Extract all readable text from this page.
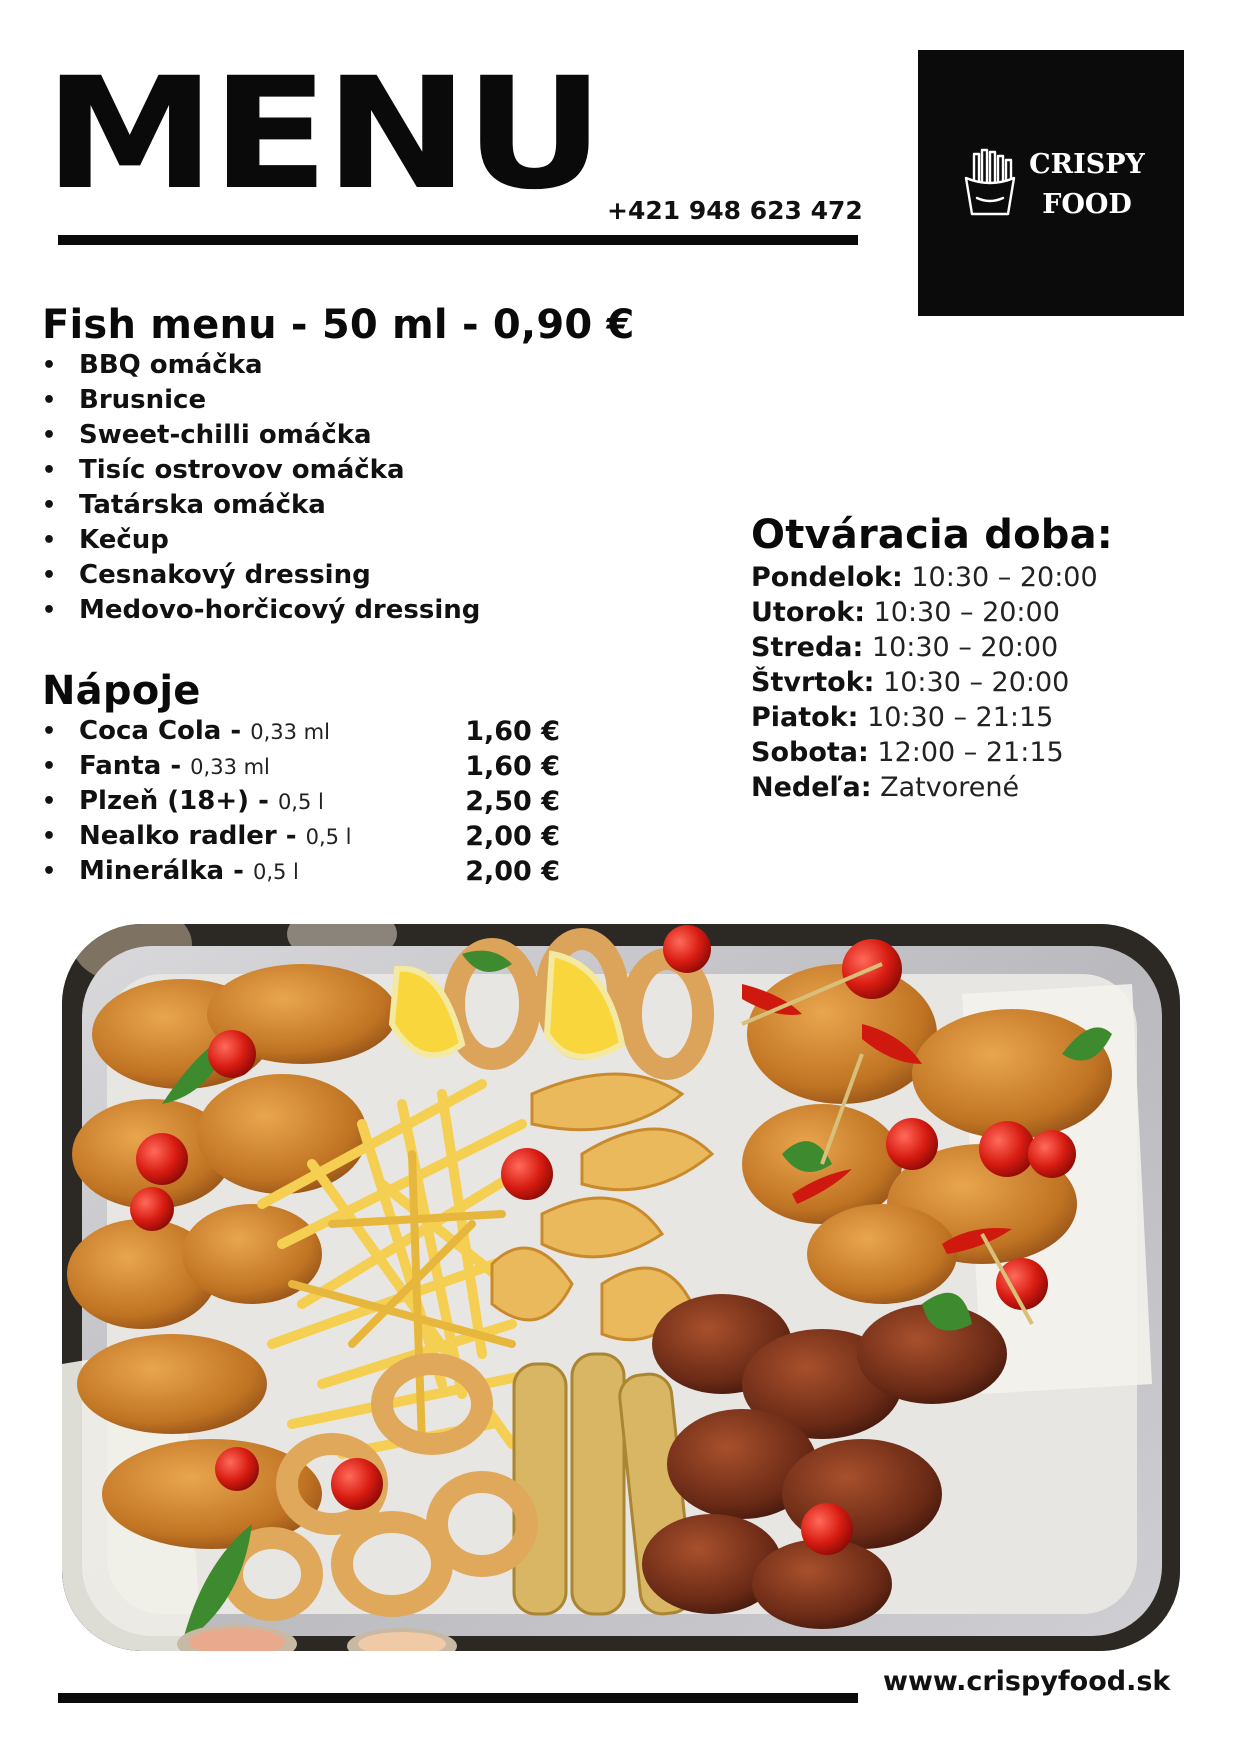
MENU +421 948 623 472
CRISPY
FOOD
Fish menu - 50 ml - 0,90 €
• BBQ omáčka
• Brusnice
• Sweet-chilli omáčka
• Tisíc ostrovov omáčka
• Tatárska omáčka
• Kečup
• Cesnakový dressing
• Medovo-horčicový dressing
Nápoje
• Coca Cola - 0,33 ml	1,60 €
• Fanta - 0,33 ml	1,60 €
• Plzeň (18+) - 0,5 l	2,50 €
• Nealko radler - 0,5 l	2,00 €
• Minerálka - 0,5 l	2,00 €
Otváracia doba:
Pondelok: 10:30 – 20:00
Utorok: 10:30 – 20:00
Streda: 10:30 – 20:00
Štvrtok: 10:30 – 20:00
Piatok: 10:30 – 21:15
Sobota: 12:00 – 21:15
Nedeľa: Zatvorené
www.crispyfood.sk
